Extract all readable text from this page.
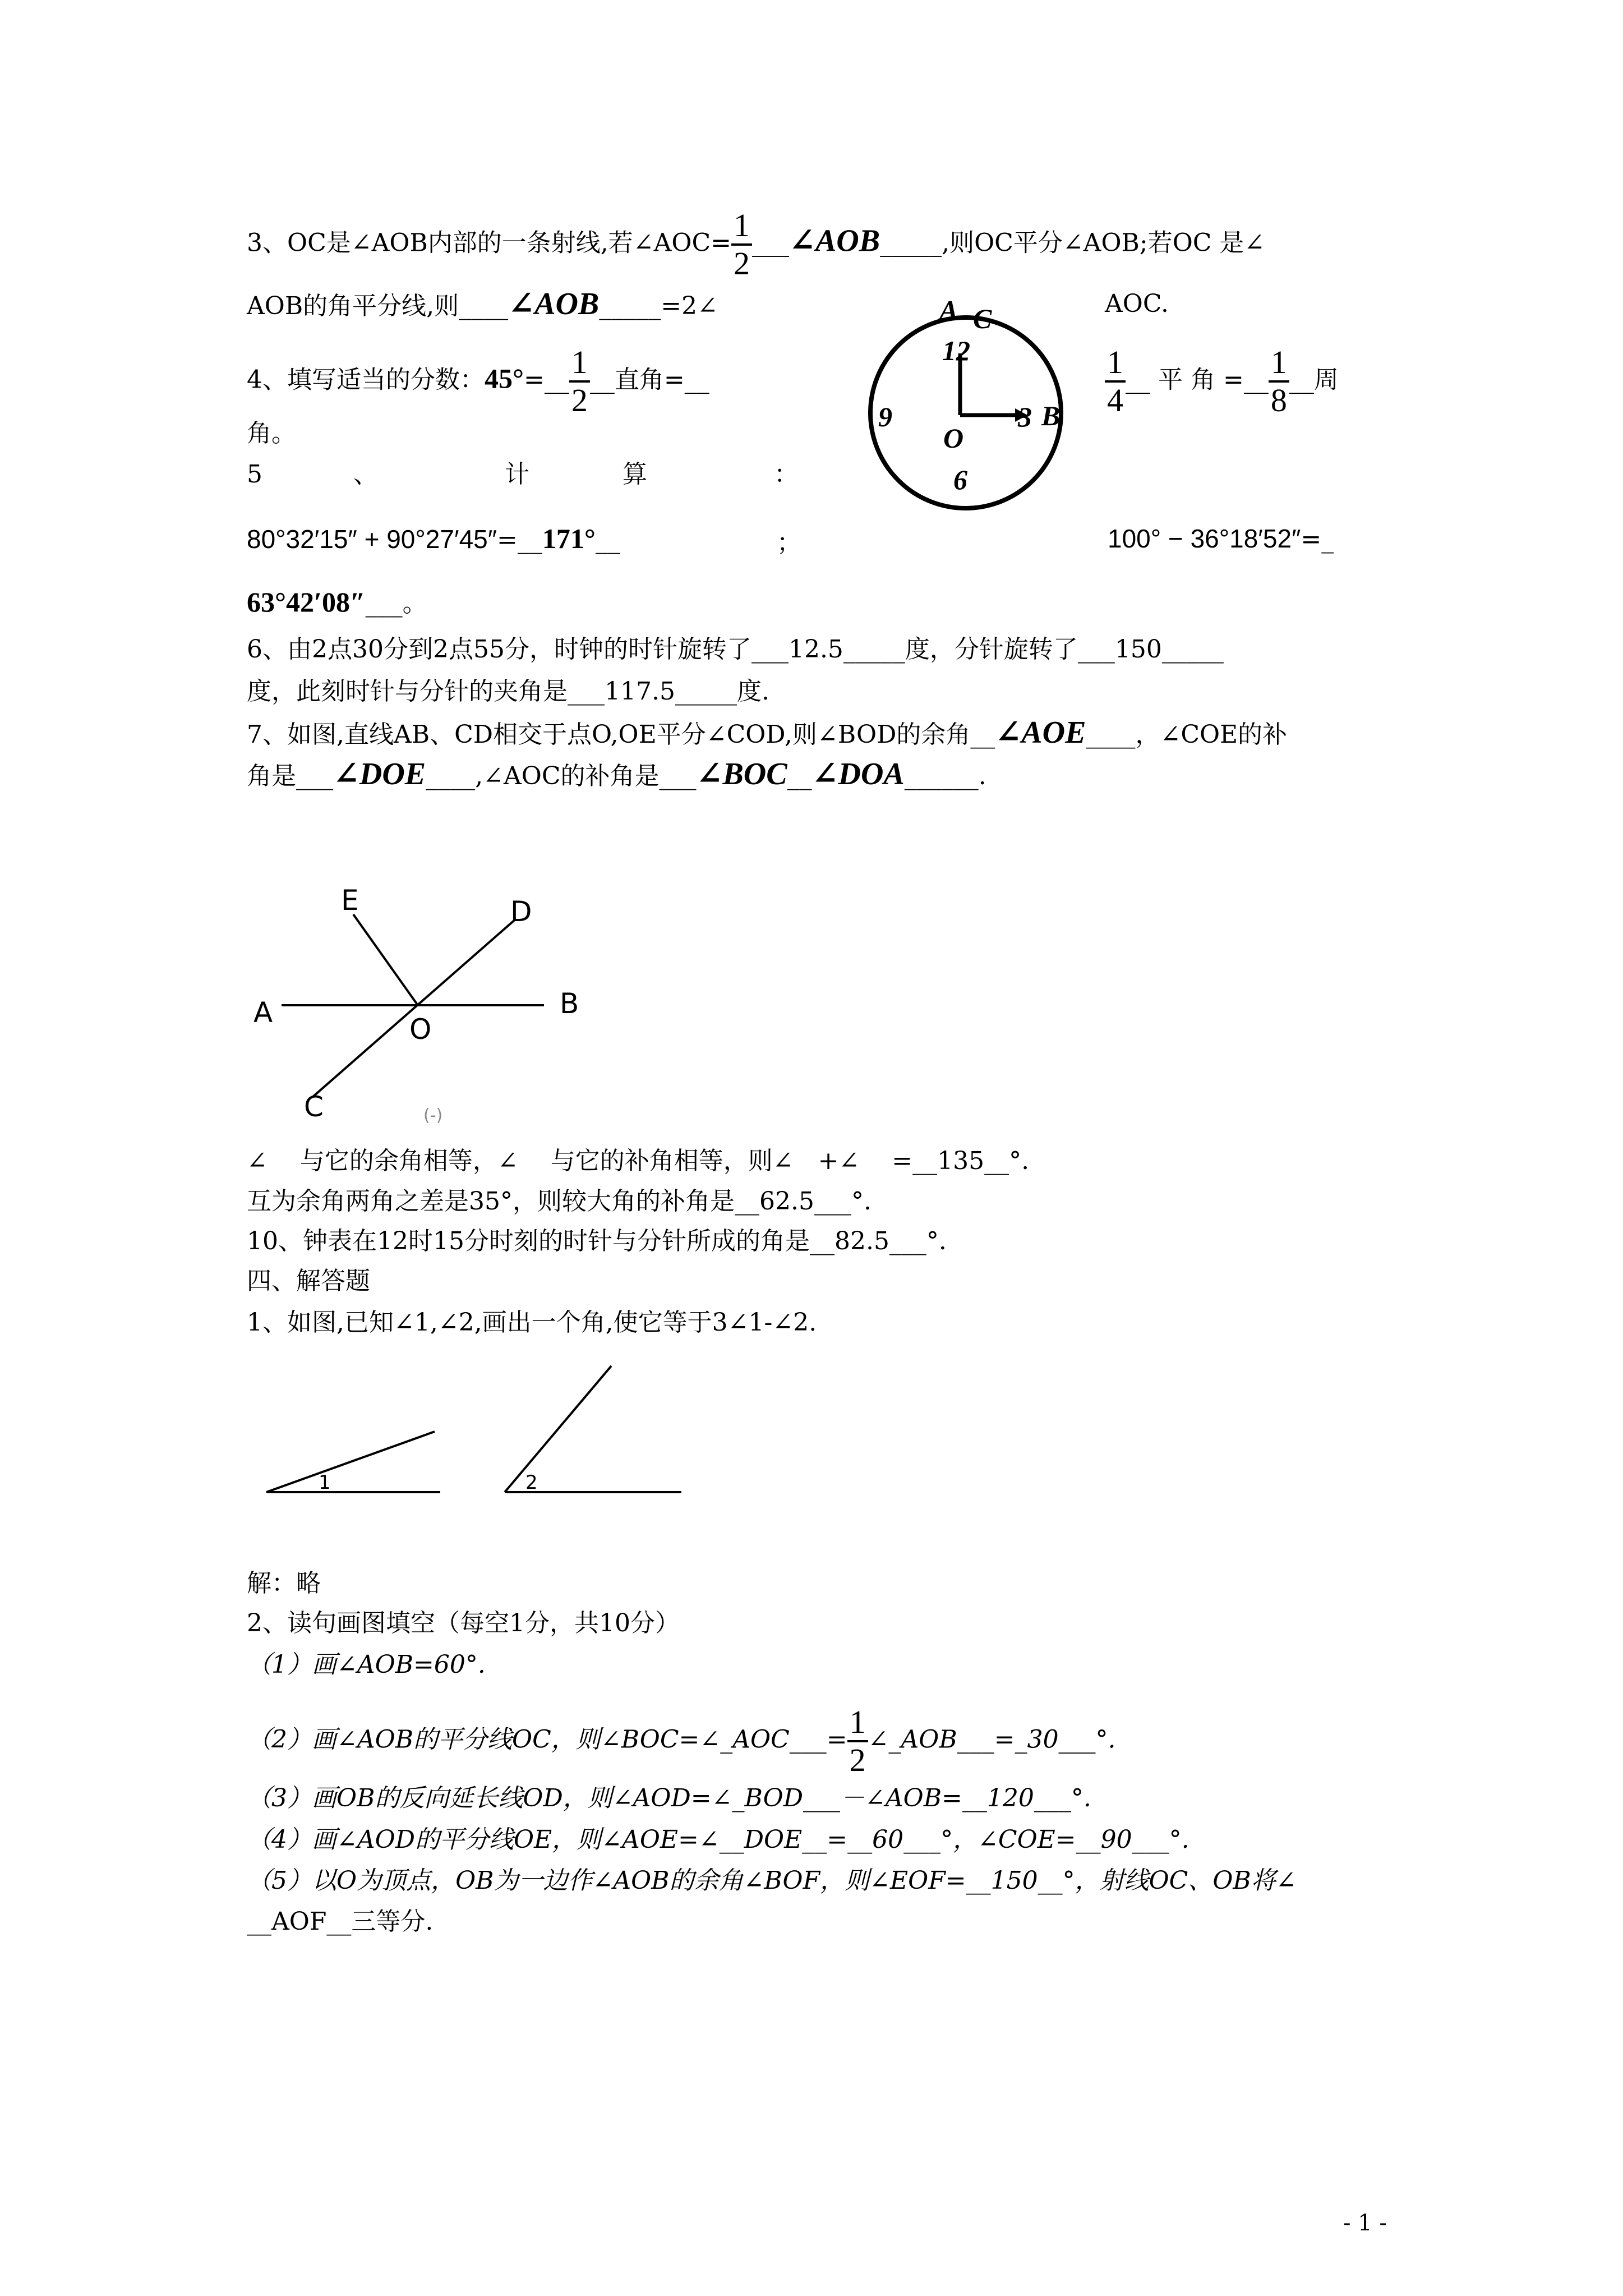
3、OC是∠AOB内部的一条射线,若∠AOC= $\frac{1}{2}$ ___∠AOB_____,则OC平分∠AOB;若OC 是∠
AOB的角平分线,则____∠AOB_____=2∠	AOC.
4、填写适当的分数：45°=__ $\frac{1}{2}$ __直角=__	$\frac{1}{4}$ __ 平 角 =__ $\frac{1}{8}$ __周
角。
A C
12
9	3 B
O
6
5	、	计	算	：
80°32′15″ + 90°27′45″=__171°__	；	100° − 36°18′52″=_
63°42′08″___。
6、由2点30分到2点55分，时钟的时针旋转了___12.5_____度，分针旋转了___150_____
度，此刻时针与分针的夹角是___117.5_____度.
7、如图,直线AB、CD相交于点O,OE平分∠COD,则∠BOD的余角__∠AOE____，∠COE的补
角是___∠DOE____,∠AOC的补角是___∠BOC__∠DOA______.
E	D
A	B
O
C	(-)
∠　 与它的余角相等，∠　 与它的补角相等，则∠　+∠　 =__135__°.
互为余角两角之差是35°，则较大角的补角是__62.5___°.
10、钟表在12时15分时刻的时针与分针所成的角是__82.5___°.
四、解答题
1、如图,已知∠1,∠2,画出一个角,使它等于3∠1-∠2.
1	2
解：略
2、读句画图填空（每空1分，共10分）
（1）画∠AOB=60°.
（2）画∠AOB的平分线OC，则∠BOC=∠_AOC___= $\frac{1}{2}$ ∠_AOB___=_30___°.
（3）画OB的反向延长线OD，则∠AOD=∠_BOD___－∠AOB=__120___°.
（4）画∠AOD的平分线OE，则∠AOE=∠__DOE__=__60___°，∠COE=__90___°.
（5）以O为顶点，OB为一边作∠AOB的余角∠BOF，则∠EOF=__150__°，射线OC、OB将∠
__AOF__三等分.
- 1 -
